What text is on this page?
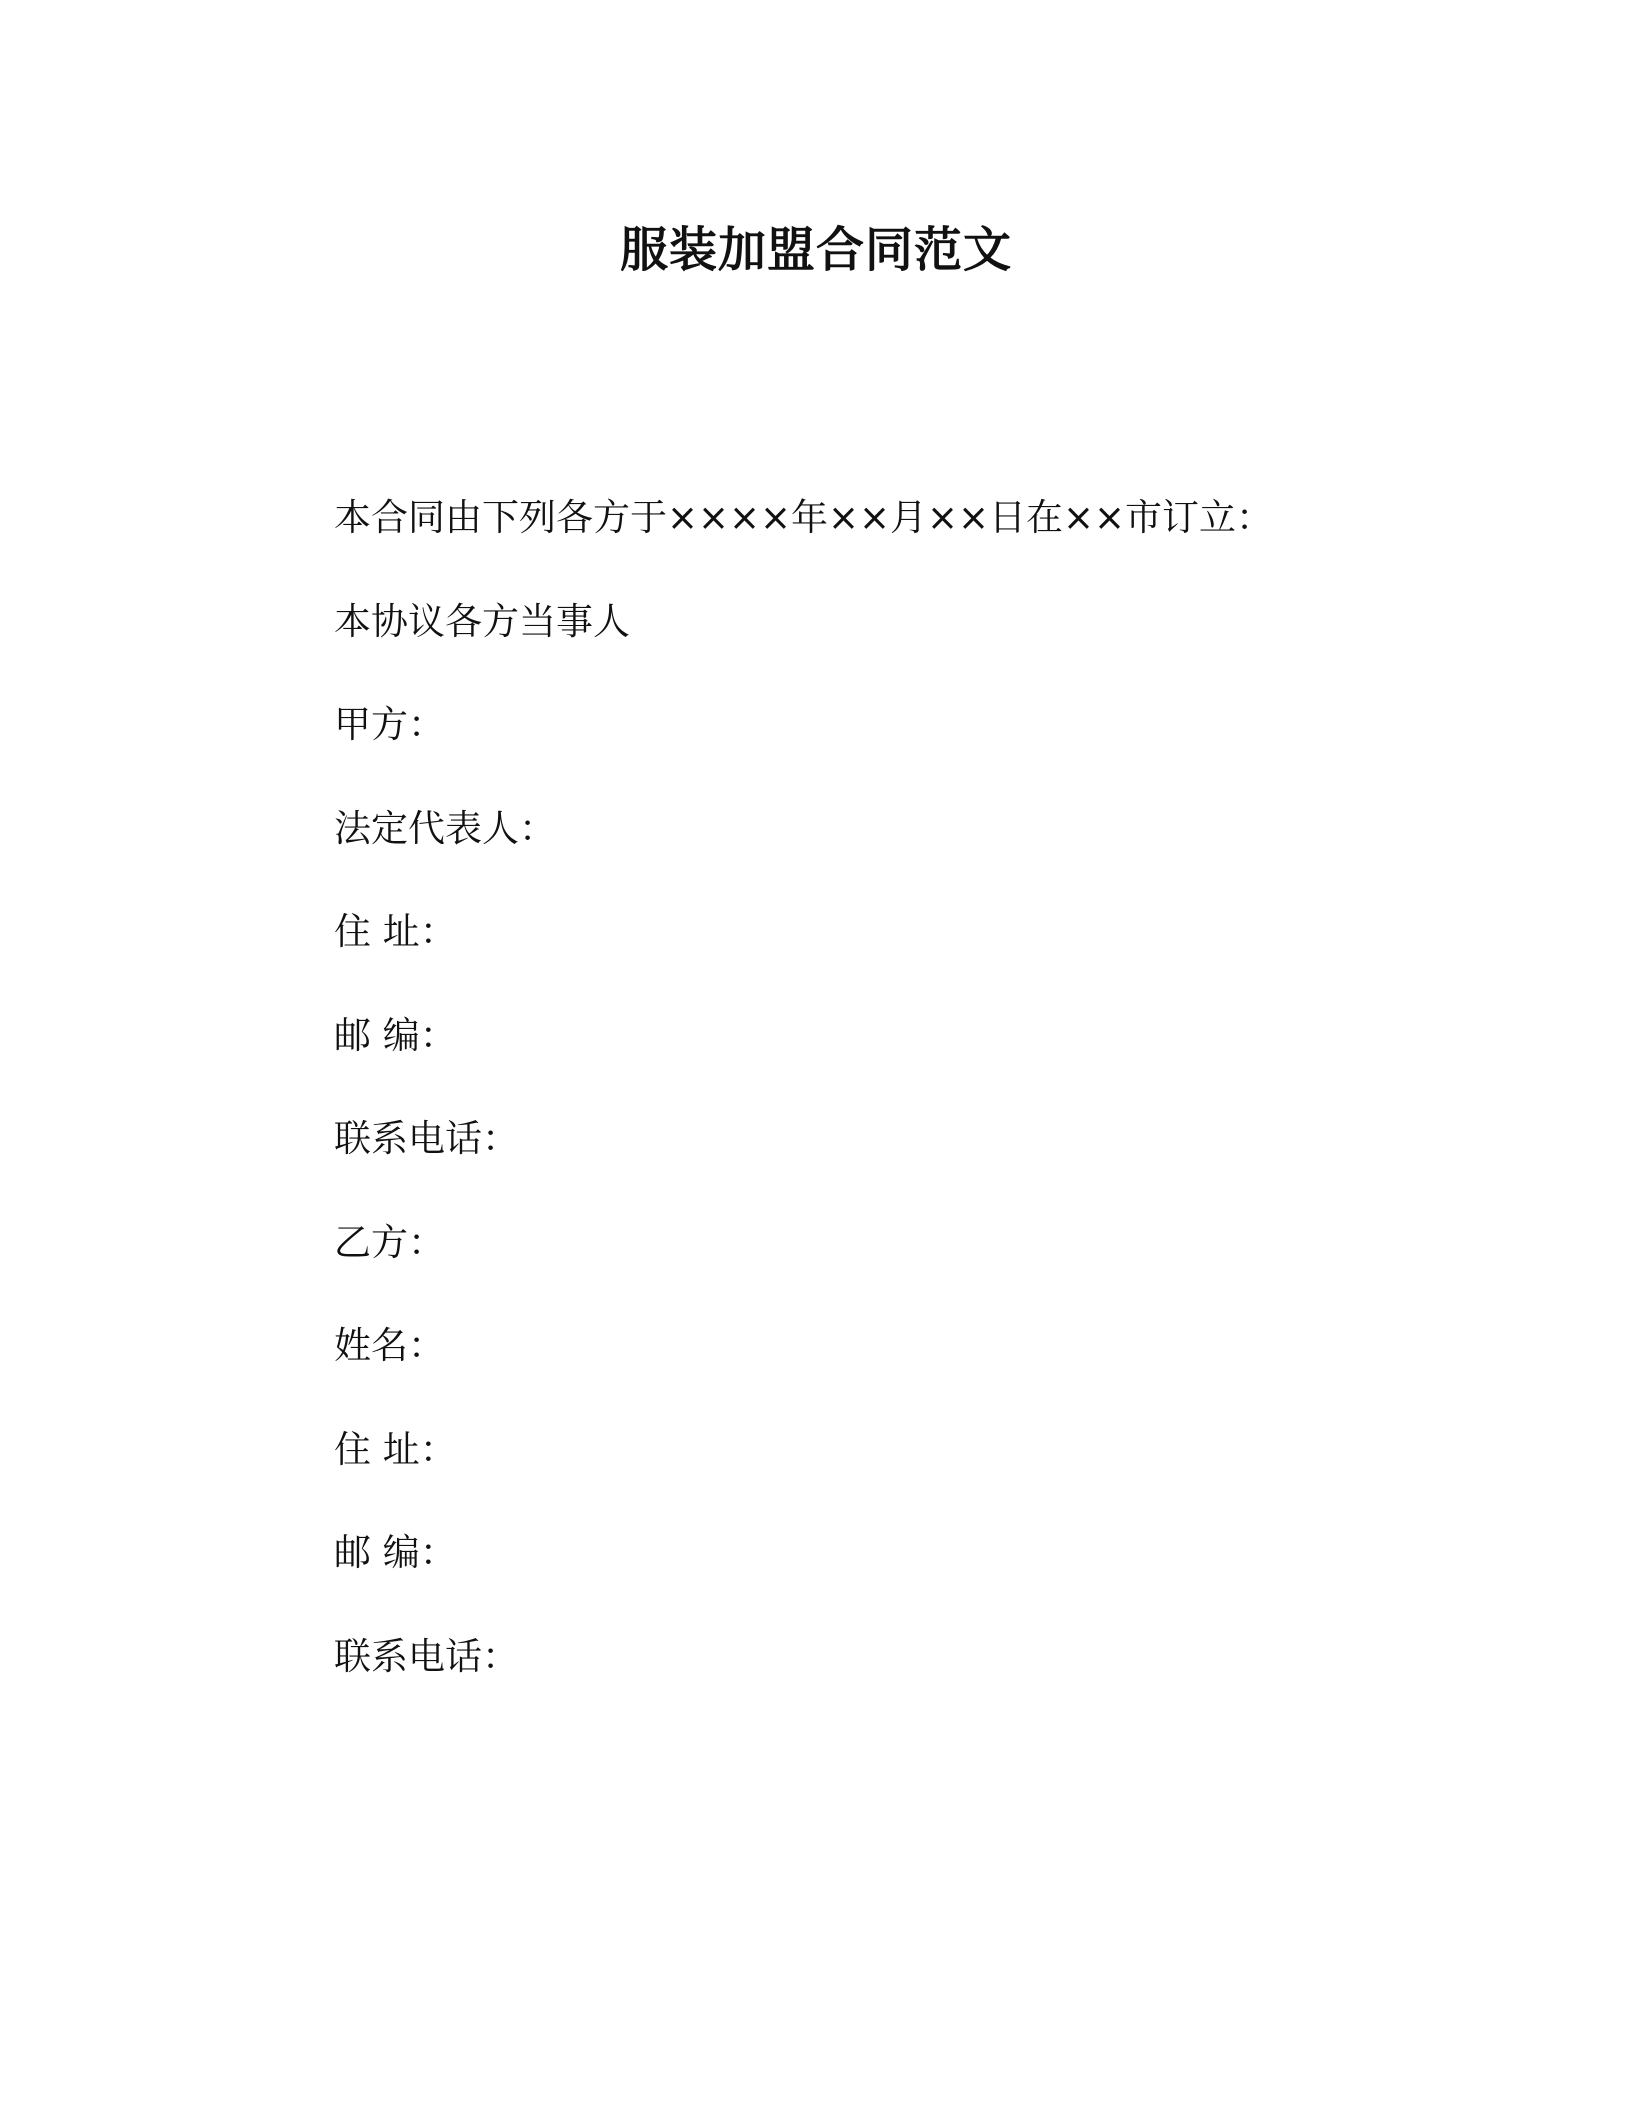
服装加盟合同范文
本合同由下列各方于××××年××月××日在××市订立：
本协议各方当事人
甲方：
法定代表人：
住 址：
邮 编：
联系电话：
乙方：
姓名：
住 址：
邮 编：
联系电话：
